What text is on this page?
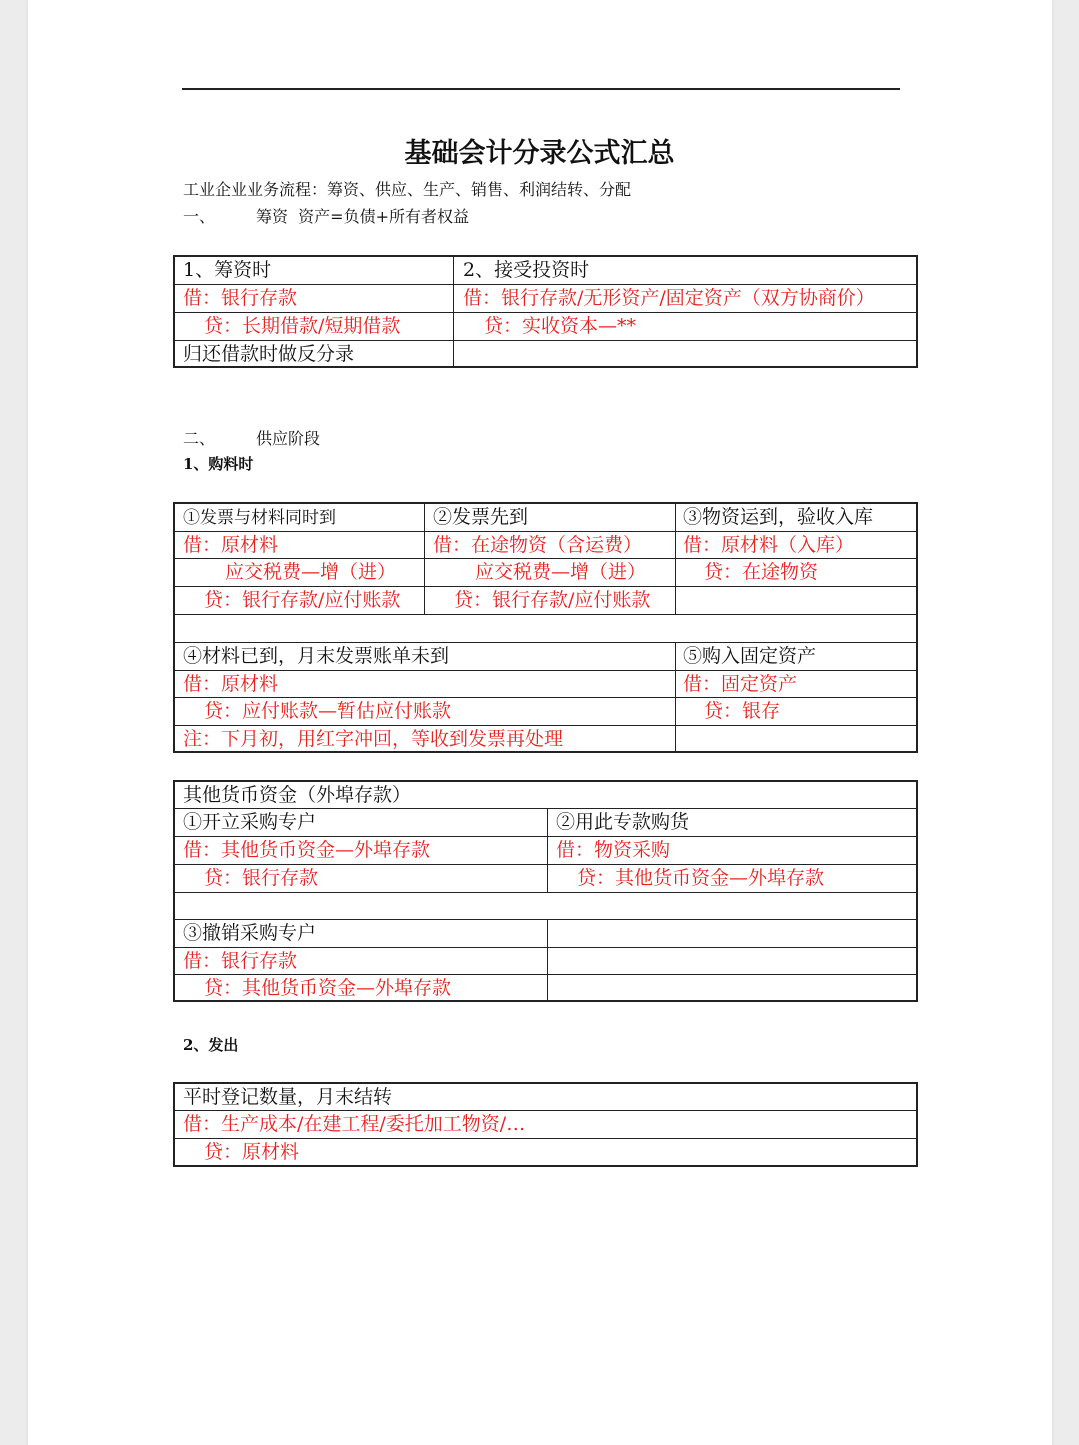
基础会计分录公式汇总
工业企业业务流程：筹资、供应、生产、销售、利润结转、分配
一、	筹资  资产=负债+所有者权益
1、筹资时
借：银行存款
贷：长期借款/短期借款
归还借款时做反分录
2、接受投资时
借：银行存款/无形资产/固定资产（双方协商价）
贷：实收资本—**
二、	供应阶段
1、购料时
①发票与材料同时到
借：原材料
应交税费—增（进）
贷：银行存款/应付账款
②发票先到
借：在途物资（含运费）
应交税费—增（进）
贷：银行存款/应付账款
③物资运到，验收入库
借：原材料（入库）
贷：在途物资
④材料已到，月末发票账单未到
借：原材料
贷：应付账款—暂估应付账款
注：下月初，用红字冲回，等收到发票再处理
⑤购入固定资产
借：固定资产
贷：银存
其他货币资金（外埠存款）
①开立采购专户
借：其他货币资金—外埠存款
贷：银行存款
②用此专款购货
借：物资采购
贷：其他货币资金—外埠存款
③撤销采购专户
借：银行存款
贷：其他货币资金—外埠存款
2、发出
平时登记数量，月末结转
借：生产成本/在建工程/委托加工物资/…
贷：原材料
